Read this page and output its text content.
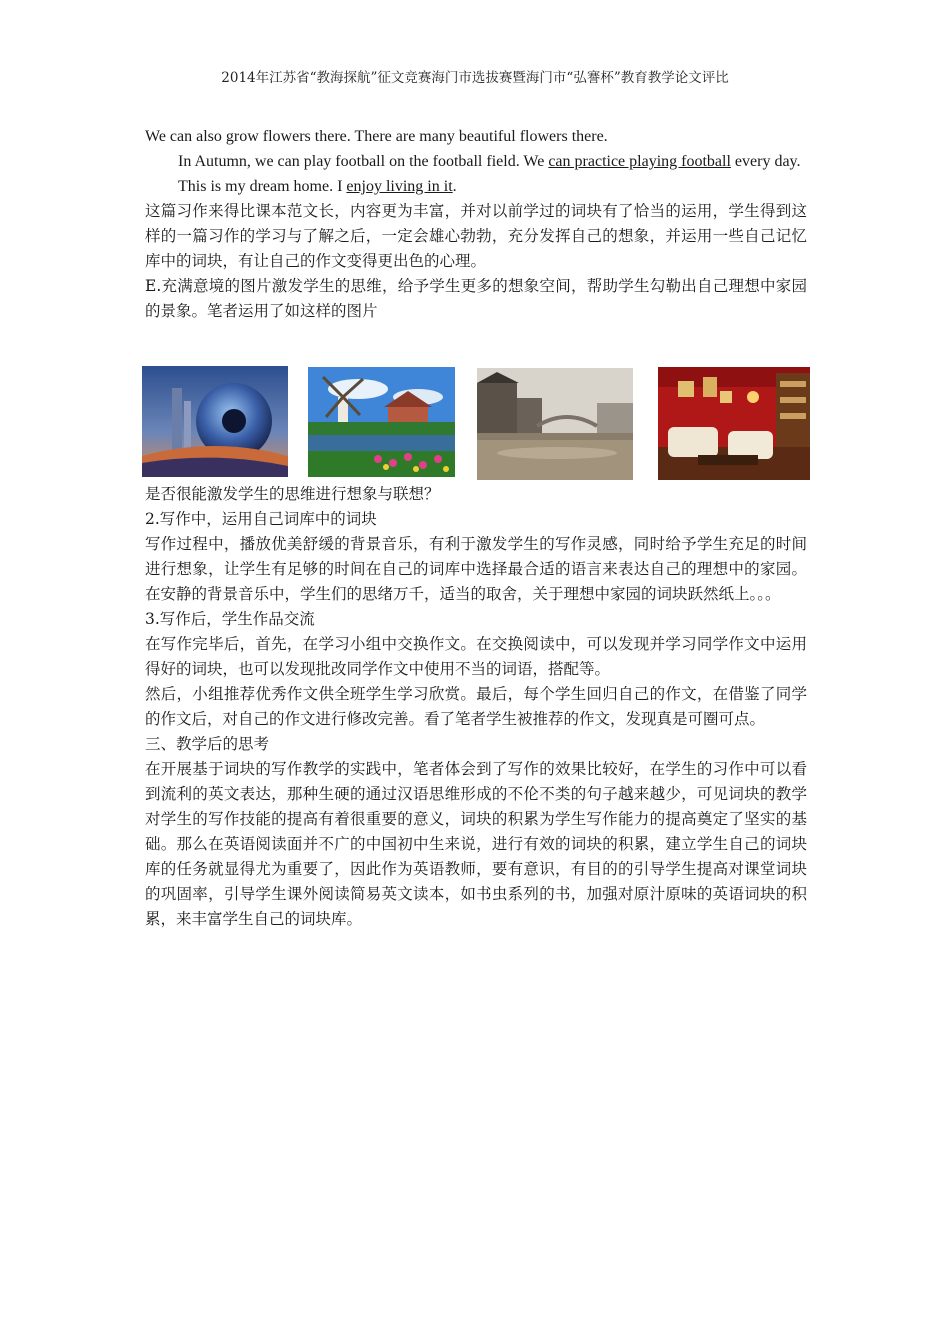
2014年江苏省“教海探航”征文竞赛海门市选拔赛暨海门市“弘謇杯”教育教学论文评比

We can also grow flowers there. There are many beautiful flowers there.

In Autumn, we can play football on the football field. We can practice playing football every day.

This is my dream home. I enjoy living in it.

这篇习作来得比课本范文长，内容更为丰富，并对以前学过的词块有了恰当的运用，学生得到这样的一篇习作的学习与了解之后，一定会雄心勃勃，充分发挥自己的想象，并运用一些自己记忆库中的词块，有让自己的作文变得更出色的心理。

E.充满意境的图片激发学生的思维，给予学生更多的想象空间，帮助学生勾勒出自己理想中家园的景象。笔者运用了如这样的图片

是否很能激发学生的思维进行想象与联想？

2.写作中，运用自己词库中的词块

写作过程中，播放优美舒缓的背景音乐，有利于激发学生的写作灵感，同时给予学生充足的时间进行想象，让学生有足够的时间在自己的词库中选择最合适的语言来表达自己的理想中的家园。在安静的背景音乐中，学生们的思绪万千，适当的取舍，关于理想中家园的词块跃然纸上。。。

3.写作后，学生作品交流

在写作完毕后，首先，在学习小组中交换作文。在交换阅读中，可以发现并学习同学作文中运用得好的词块，也可以发现批改同学作文中使用不当的词语，搭配等。

然后，小组推荐优秀作文供全班学生学习欣赏。最后，每个学生回归自己的作文，在借鉴了同学的作文后，对自己的作文进行修改完善。看了笔者学生被推荐的作文，发现真是可圈可点。

三、教学后的思考

在开展基于词块的写作教学的实践中，笔者体会到了写作的效果比较好，在学生的习作中可以看到流利的英文表达，那种生硬的通过汉语思维形成的不伦不类的句子越来越少，可见词块的教学对学生的写作技能的提高有着很重要的意义，词块的积累为学生写作能力的提高奠定了坚实的基础。那么在英语阅读面并不广的中国初中生来说，进行有效的词块的积累，建立学生自己的词块库的任务就显得尤为重要了，因此作为英语教师，要有意识，有目的的引导学生提高对课堂词块的巩固率，引导学生课外阅读简易英文读本，如书虫系列的书，加强对原汁原味的英语词块的积累，来丰富学生自己的词块库。
